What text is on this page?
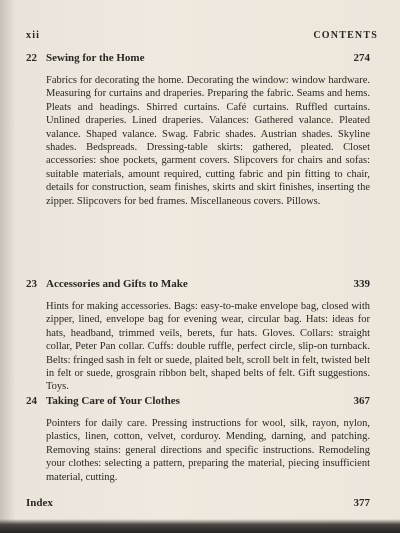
xii	CONTENTS
22 Sewing for the Home	274
Fabrics for decorating the home. Decorating the window: window hardware. Measuring for curtains and draperies. Preparing the fabric. Seams and hems. Pleats and headings. Shirred curtains. Café curtains. Ruffled curtains. Unlined draperies. Lined draperies. Valances: Gathered valance. Pleated valance. Shaped valance. Swag. Fabric shades. Austrian shades. Skyline shades. Bedspreads. Dressing-table skirts: gathered, pleated. Closet accessories: shoe pockets, garment covers. Slipcovers for chairs and sofas: suitable materials, amount required, cutting fabric and pin fitting to chair, details for construction, seam finishes, skirts and skirt finishes, inserting the zipper. Slipcovers for bed frames. Miscellaneous covers. Pillows.
23 Accessories and Gifts to Make	339
Hints for making accessories. Bags: easy-to-make envelope bag, closed with zipper, lined, envelope bag for evening wear, circular bag. Hats: ideas for hats, headband, trimmed veils, berets, fur hats. Gloves. Collars: straight collar, Peter Pan collar. Cuffs: double ruffle, perfect circle, slip-on turnback. Belts: fringed sash in felt or suede, plaited belt, scroll belt in felt, twisted belt in felt or suede, grosgrain ribbon belt, shaped belts of felt. Gift suggestions. Toys.
24 Taking Care of Your Clothes	367
Pointers for daily care. Pressing instructions for wool, silk, rayon, nylon, plastics, linen, cotton, velvet, corduroy. Mending, darning, and patching. Removing stains: general directions and specific instructions. Remodeling your clothes: selecting a pattern, preparing the material, piecing insufficient material, cutting.
Index	377
